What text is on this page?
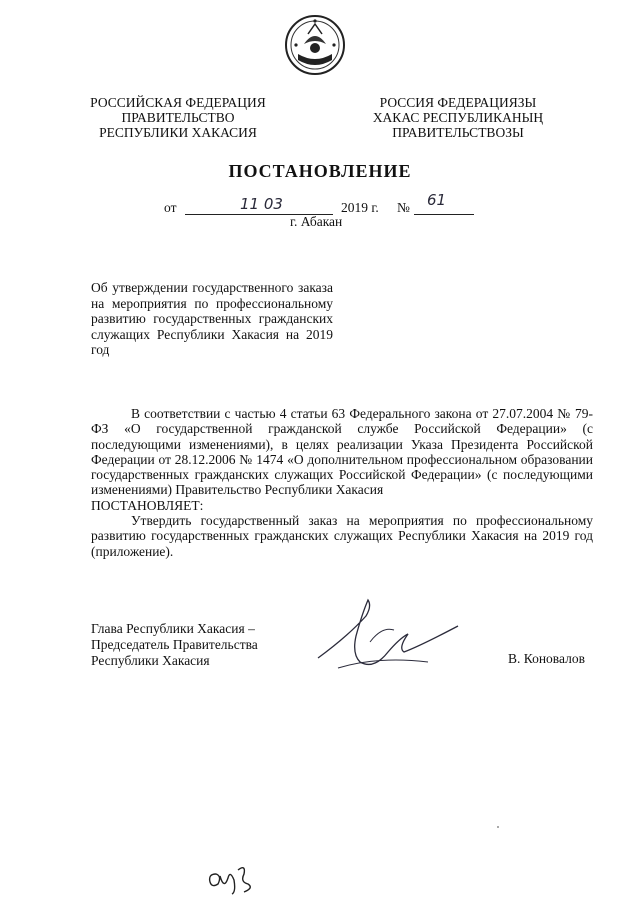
РОССИЙСКАЯ ФЕДЕРАЦИЯ
ПРАВИТЕЛЬСТВО
РЕСПУБЛИКИ ХАКАСИЯ
РОССИЯ ФЕДЕРАЦИЯЗЫ
ХАКАС РЕСПУБЛИКАНЫҢ
ПРАВИТЕЛЬСТВОЗЫ
ПОСТАНОВЛЕНИЕ
от	11 03	2019 г. № 61
г. Абакан
Об утверждении государственного заказа на мероприятия по профессиональному развитию государственных гражданских служащих Республики Хакасия на 2019 год

В соответствии с частью 4 статьи 63 Федерального закона от 27.07.2004 № 79-ФЗ «О государственной гражданской службе Российской Федерации» (с последующими изменениями), в целях реализации Указа Президента Российской Федерации от 28.12.2006 № 1474 «О дополнительном профессиональном образовании государственных гражданских служащих Российской Федерации» (с последующими изменениями) Правительство Республики Хакасия

ПОСТАНОВЛЯЕТ:

Утвердить государственный заказ на мероприятия по профессиональному развитию государственных гражданских служащих Республики Хакасия на 2019 год (приложение).

Глава Республики Хакасия –
Председатель Правительства
Республики Хакасия	В. Коновалов
